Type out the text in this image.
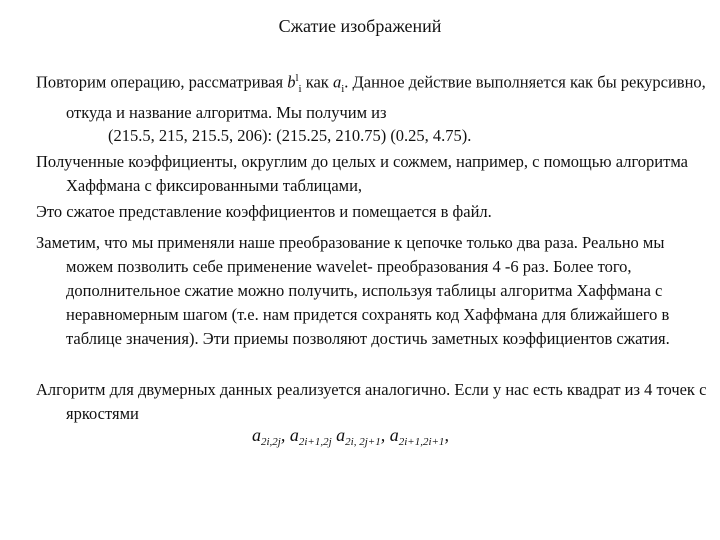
Сжатие изображений
Повторим операцию, рассматривая $b^l_i$ как $a_i$. Данное действие выполняется как бы рекурсивно, откуда и название алгоритма. Мы получим из
(215.5, 215, 215.5, 206): (215.25, 210.75) (0.25, 4.75).
Полученные коэффициенты, округлим до целых и сожмем, например, с помощью алгоритма Хаффмана с фиксированными таблицами,
Это сжатое представление коэффициентов и помещается в файл.
Заметим, что мы применяли наше преобразование к цепочке только два раза. Реально мы можем позволить себе применение wavelet- преобразования 4 -6 раз. Более того, дополнительное сжатие можно получить, используя таблицы алгоритма Хаффмана с неравномерным шагом (т.е. нам придется сохранять код Хаффмана для ближайшего в таблице значения). Эти приемы позволяют достичь заметных коэффициентов сжатия.
Алгоритм для двумерных данных реализуется аналогично. Если у нас есть квадрат из 4 точек с яркостями
$a_{2i,2j}$, $a_{2i+1,2j}$ $a_{2i, 2j+1}$, $a_{2i+1,2i+1}$,
